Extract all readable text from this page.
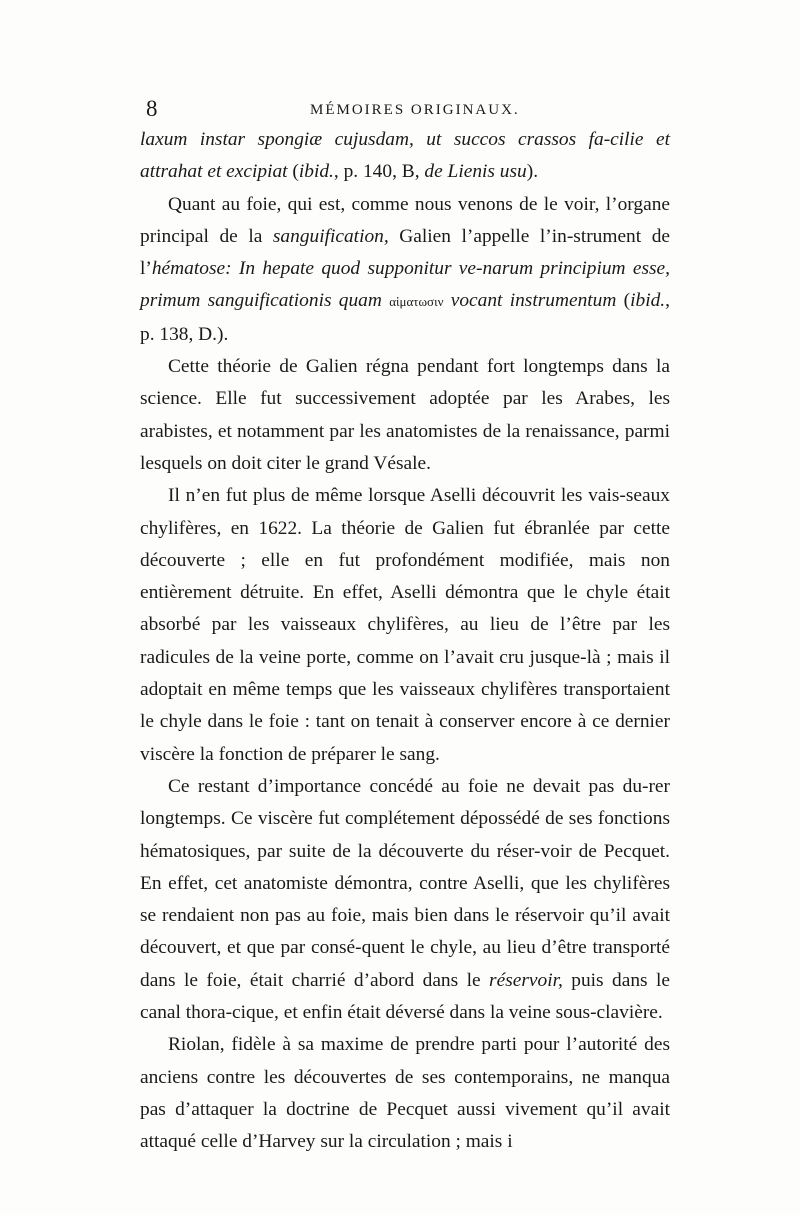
8	MÉMOIRES ORIGINAUX.

laxum instar spongiæ cujusdam, ut succos crassos fa-cilie et attrahat et excipiat (ibid., p. 140, B, de Lienis usu).

Quant au foie, qui est, comme nous venons de le voir, l’organe principal de la sanguification, Galien l’appelle l’in-strument de l’hématose: In hepate quod supponitur ve-narum principium esse, primum sanguificationis quam αἱματωσιν vocant instrumentum (ibid., p. 138, D.).

Cette théorie de Galien régna pendant fort longtemps dans la science. Elle fut successivement adoptée par les Arabes, les arabistes, et notamment par les anatomistes de la renaissance, parmi lesquels on doit citer le grand Vésale.

Il n’en fut plus de même lorsque Aselli découvrit les vais-seaux chylifères, en 1622. La théorie de Galien fut ébranlée par cette découverte ; elle en fut profondément modifiée, mais non entièrement détruite. En effet, Aselli démontra que le chyle était absorbé par les vaisseaux chylifères, au lieu de l’être par les radicules de la veine porte, comme on l’avait cru jusque-là ; mais il adoptait en même temps que les vaisseaux chylifères transportaient le chyle dans le foie : tant on tenait à conserver encore à ce dernier viscère la fonction de préparer le sang.

Ce restant d’importance concédé au foie ne devait pas du-rer longtemps. Ce viscère fut complétement dépossédé de ses fonctions hématosiques, par suite de la découverte du réser-voir de Pecquet. En effet, cet anatomiste démontra, contre Aselli, que les chylifères se rendaient non pas au foie, mais bien dans le réservoir qu’il avait découvert, et que par consé-quent le chyle, au lieu d’être transporté dans le foie, était charrié d’abord dans le réservoir, puis dans le canal thora-cique, et enfin était déversé dans la veine sous-clavière.

Riolan, fidèle à sa maxime de prendre parti pour l’autorité des anciens contre les découvertes de ses contemporains, ne manqua pas d’attaquer la doctrine de Pecquet aussi vivement qu’il avait attaqué celle d’Harvey sur la circulation ; mais i
